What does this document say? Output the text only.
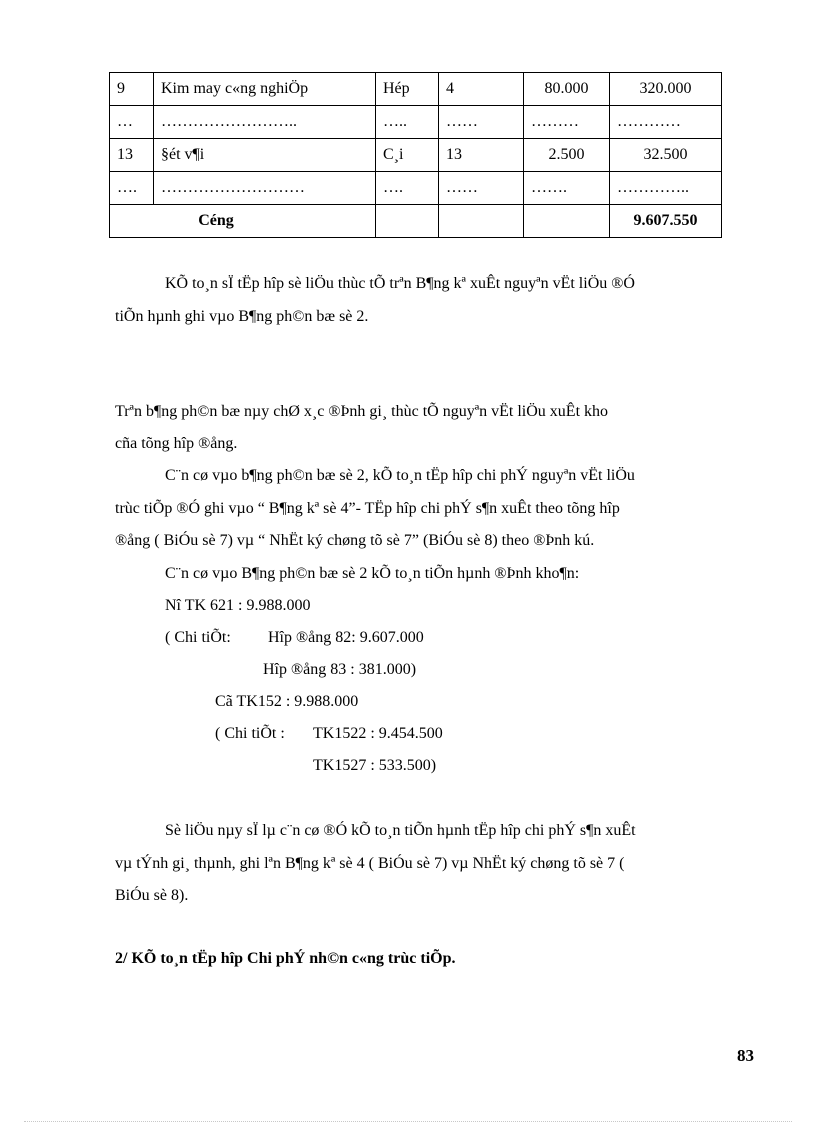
9	Kim may c«ng nghiÖp	Hép	4	80.000	320.000
…	……………………..	…..	……	………	…………
13	§ét v¶i	C¸i	13	2.500	32.500
….	………………………	….	……	…….	…………..
Céng					9.607.550

KÕ to¸n sÏ tËp hîp sè liÖu thùc tÕ trªn B¶ng kª xuÊt nguyªn vËt liÖu ®Ó

tiÕn hµnh ghi vµo B¶ng ph©n bæ sè 2.

Trªn b¶ng ph©n bæ nµy chØ x¸c ®Þnh gi¸ thùc tÕ nguyªn vËt liÖu xuÊt kho

cña tõng hîp ®ång.

C¨n cø vµo b¶ng ph©n bæ sè 2, kÕ to¸n tËp hîp chi phÝ nguyªn vËt liÖu

trùc tiÕp ®Ó ghi vµo “ B¶ng kª sè 4”- TËp hîp chi phÝ s¶n xuÊt theo tõng hîp

®ång ( BiÓu sè 7) vµ “ NhËt ký chøng tõ sè 7” (BiÓu sè 8) theo ®Þnh kú.

C¨n cø vµo B¶ng ph©n bæ sè 2 kÕ to¸n tiÕn hµnh ®Þnh kho¶n:

Nî TK 621 : 9.988.000

( Chi tiÕt: Hîp ®ång 82: 9.607.000

Hîp ®ång 83 : 381.000)

Cã TK152 : 9.988.000

( Chi tiÕt : TK1522 : 9.454.500

TK1527 : 533.500)

Sè liÖu nµy sÏ lµ c¨n cø ®Ó kÕ to¸n tiÕn hµnh tËp hîp chi phÝ s¶n xuÊt

vµ tÝnh gi¸ thµnh, ghi lªn B¶ng kª sè 4 ( BiÓu sè 7) vµ NhËt ký chøng tõ sè 7 (

BiÓu sè 8).

2/ KÕ to¸n tËp hîp Chi phÝ nh©n c«ng trùc tiÕp.

83
